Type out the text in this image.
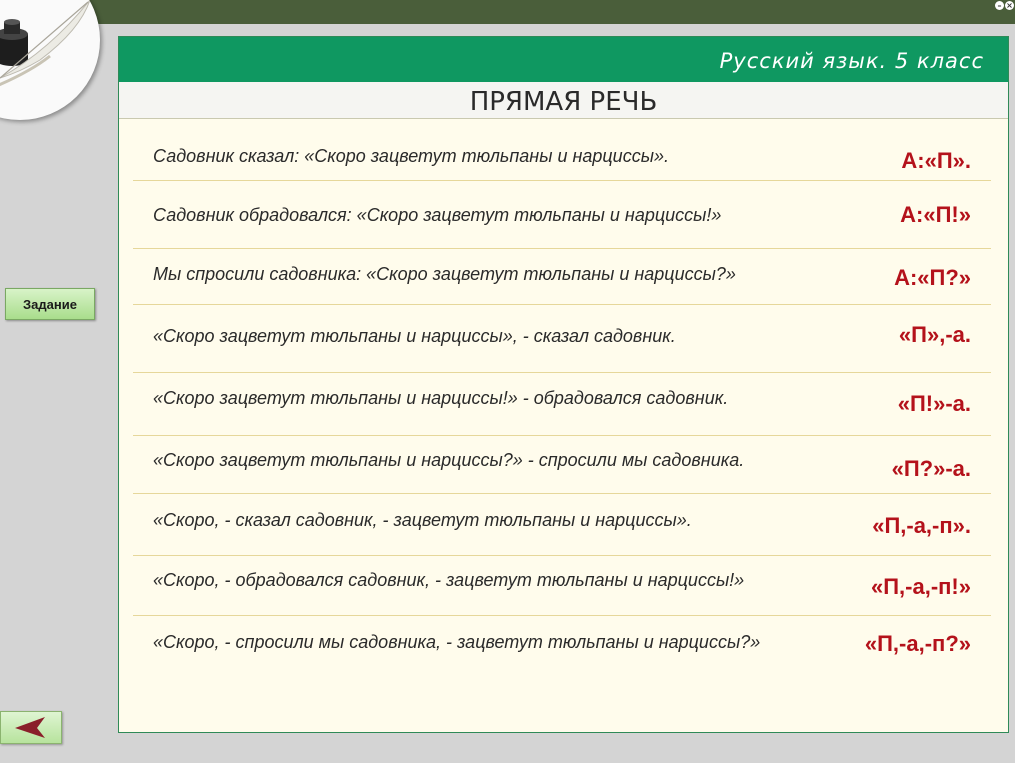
– ×
Задание
Русский язык. 5 класс
ПРЯМАЯ РЕЧЬ
Садовник сказал: «Скоро зацветут тюльпаны и нарциссы».	А:«П».
Садовник обрадовался: «Скоро зацветут тюльпаны и нарциссы!»	А:«П!»
Мы спросили садовника: «Скоро зацветут тюльпаны и нарциссы?»	А:«П?»
«Скоро зацветут тюльпаны и нарциссы», - сказал садовник.	«П»,-а.
«Скоро зацветут тюльпаны и нарциссы!» - обрадовался садовник.	«П!»-а.
«Скоро зацветут тюльпаны и нарциссы?» - спросили мы садовника.	«П?»-а.
«Скоро, - сказал садовник, - зацветут тюльпаны и нарциссы».	«П,-а,-п».
«Скоро, - обрадовался садовник, - зацветут тюльпаны и нарциссы!»	«П,-а,-п!»
«Скоро, - спросили мы садовника, - зацветут тюльпаны и нарциссы?»	«П,-а,-п?»
